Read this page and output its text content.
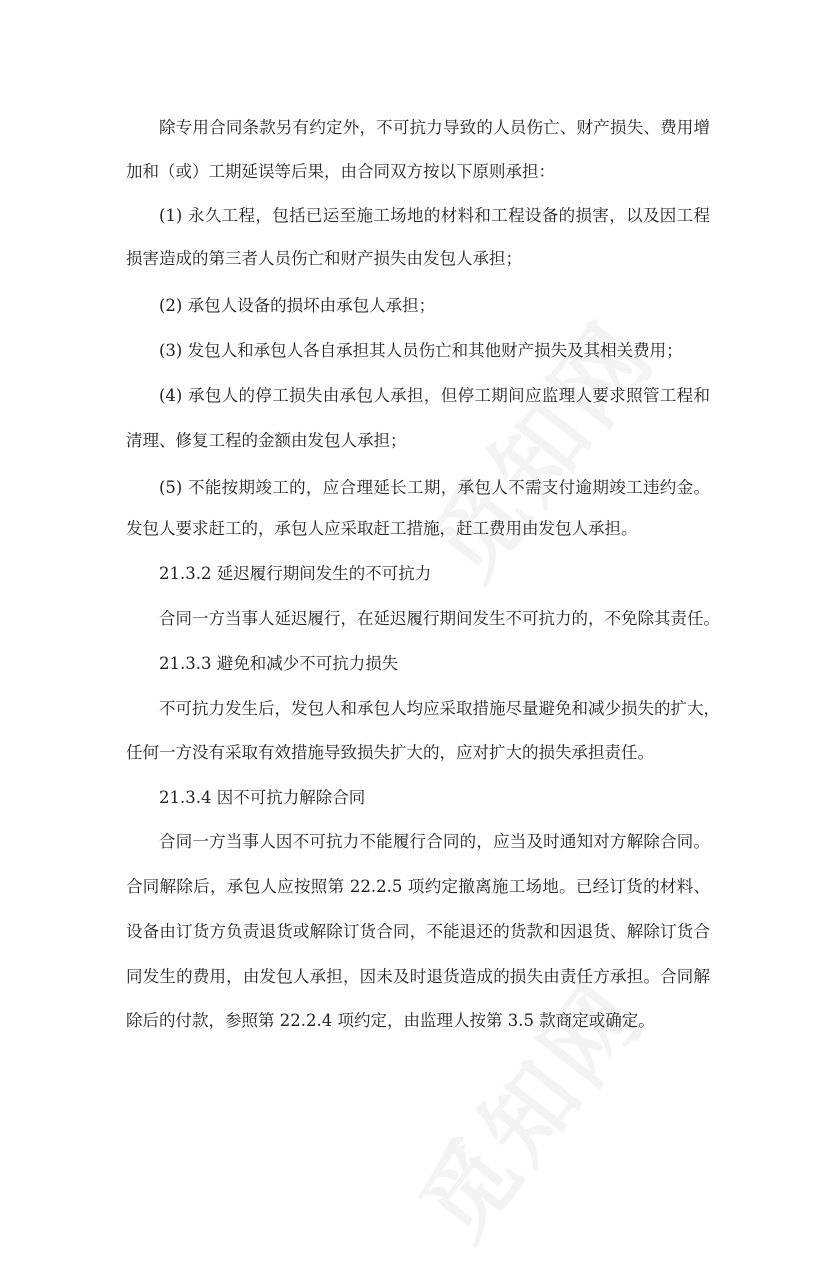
除专用合同条款另有约定外，不可抗力导致的人员伤亡、财产损失、费用增
加和（或）工期延误等后果，由合同双方按以下原则承担：
(1) 永久工程，包括已运至施工场地的材料和工程设备的损害，以及因工程
损害造成的第三者人员伤亡和财产损失由发包人承担；
(2) 承包人设备的损坏由承包人承担；
(3) 发包人和承包人各自承担其人员伤亡和其他财产损失及其相关费用；
(4) 承包人的停工损失由承包人承担，但停工期间应监理人要求照管工程和
清理、修复工程的金额由发包人承担；
(5) 不能按期竣工的，应合理延长工期，承包人不需支付逾期竣工违约金。
发包人要求赶工的，承包人应采取赶工措施，赶工费用由发包人承担。
21.3.2 延迟履行期间发生的不可抗力
合同一方当事人延迟履行，在延迟履行期间发生不可抗力的，不免除其责任。
21.3.3 避免和减少不可抗力损失
不可抗力发生后，发包人和承包人均应采取措施尽量避免和减少损失的扩大，
任何一方没有采取有效措施导致损失扩大的，应对扩大的损失承担责任。
21.3.4 因不可抗力解除合同
合同一方当事人因不可抗力不能履行合同的，应当及时通知对方解除合同。
合同解除后，承包人应按照第 22.2.5 项约定撤离施工场地。已经订货的材料、
设备由订货方负责退货或解除订货合同，不能退还的货款和因退货、解除订货合
同发生的费用，由发包人承担，因未及时退货造成的损失由责任方承担。合同解
除后的付款，参照第 22.2.4 项约定，由监理人按第 3.5 款商定或确定。
